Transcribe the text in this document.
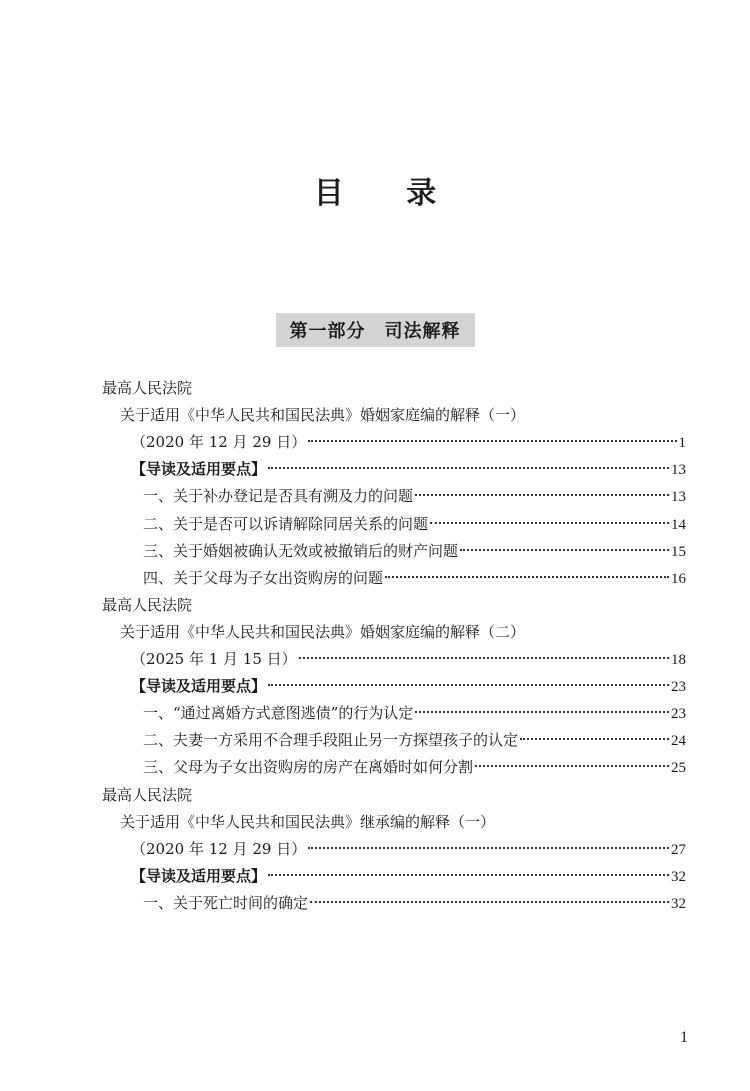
目 录
第一部分　司法解释
最高人民法院
关于适用《中华人民共和国民法典》婚姻家庭编的解释（一）
（2020 年 12 月 29 日）	1
【导读及适用要点】	13
一、关于补办登记是否具有溯及力的问题	13
二、关于是否可以诉请解除同居关系的问题	14
三、关于婚姻被确认无效或被撤销后的财产问题	15
四、关于父母为子女出资购房的问题	16
最高人民法院
关于适用《中华人民共和国民法典》婚姻家庭编的解释（二）
（2025 年 1 月 15 日）	18
【导读及适用要点】	23
一、“通过离婚方式意图逃债”的行为认定	23
二、夫妻一方采用不合理手段阻止另一方探望孩子的认定	24
三、父母为子女出资购房的房产在离婚时如何分割	25
最高人民法院
关于适用《中华人民共和国民法典》继承编的解释（一）
（2020 年 12 月 29 日）	27
【导读及适用要点】	32
一、关于死亡时间的确定	32
1
